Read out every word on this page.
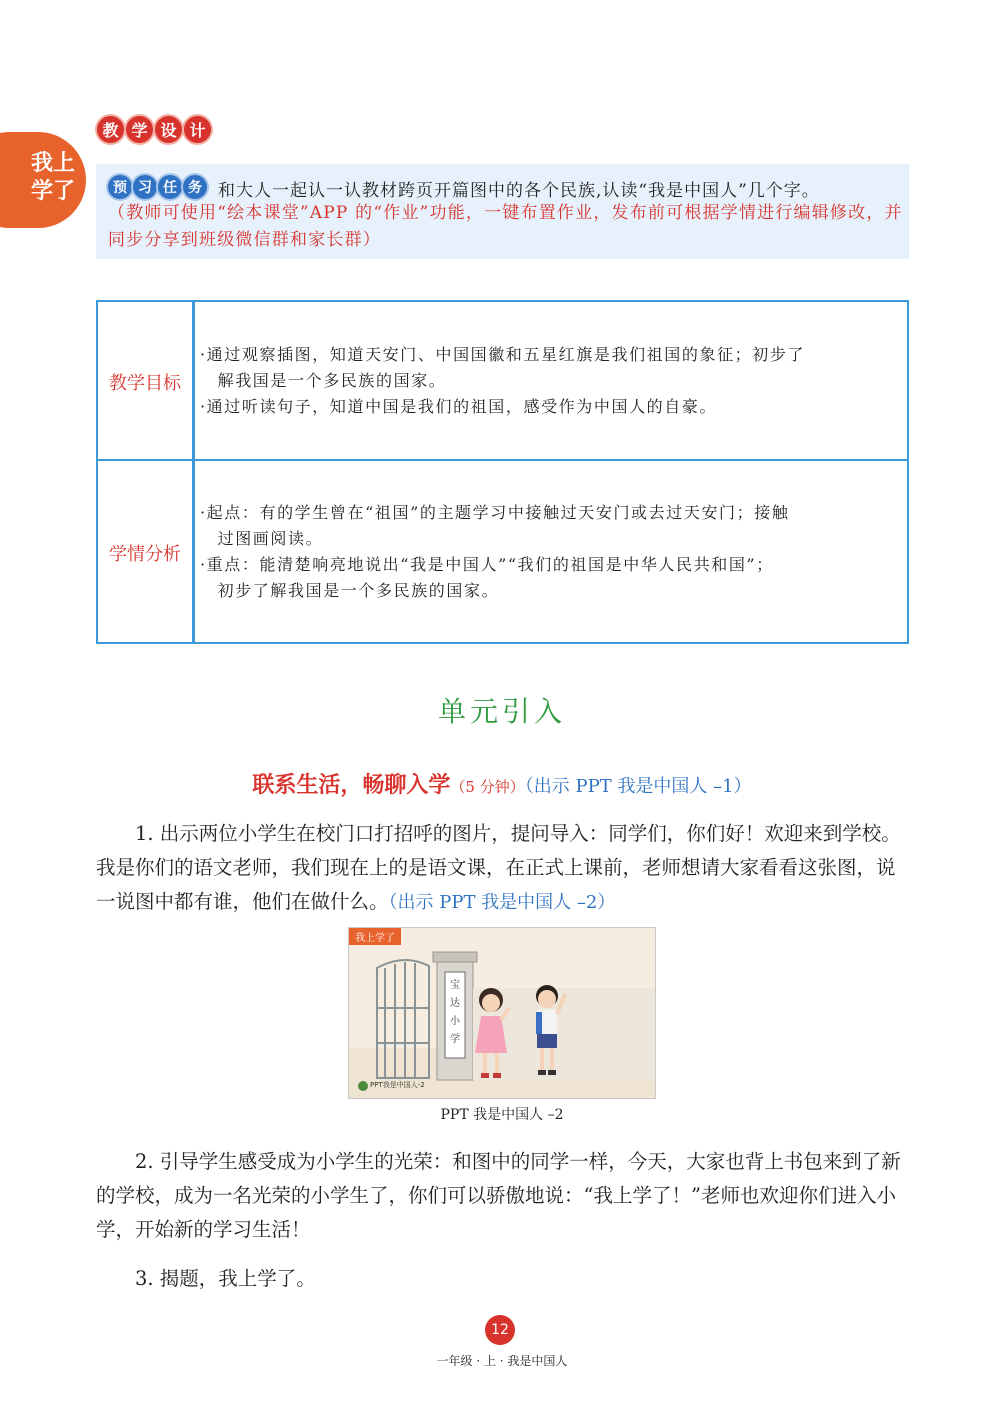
我上
学了
教 学 设 计
预 习 任 务 和大人一起认一认教材跨页开篇图中的各个民族,认读“我是中国人”几个字。
（教师可使用“绘本课堂”APP 的“作业”功能，一键布置作业，发布前可根据学情进行编辑修改，并同步分享到班级微信群和家长群）
教学目标
·通过观察插图，知道天安门、中国国徽和五星红旗是我们祖国的象征；初步了
　解我国是一个多民族的国家。
·通过听读句子，知道中国是我们的祖国，感受作为中国人的自豪。
学情分析
·起点：有的学生曾在“祖国”的主题学习中接触过天安门或去过天安门；接触
　过图画阅读。
·重点：能清楚响亮地说出“我是中国人”“我们的祖国是中华人民共和国”；
　初步了解我国是一个多民族的国家。
单元引入
联系生活，畅聊入学（5 分钟）（出示 PPT 我是中国人 –1）
1. 出示两位小学生在校门口打招呼的图片，提问导入：同学们，你们好！欢迎来到学校。我是你们的语文老师，我们现在上的是语文课，在正式上课前，老师想请大家看看这张图，说一说图中都有谁，他们在做什么。（出示 PPT 我是中国人 –2）
宝
达
小
学
我上学了
PPT我是中国人-2
PPT 我是中国人 –2
2. 引导学生感受成为小学生的光荣：和图中的同学一样，今天，大家也背上书包来到了新的学校，成为一名光荣的小学生了，你们可以骄傲地说：“我上学了！”老师也欢迎你们进入小学，开始新的学习生活！
3. 揭题，我上学了。
12
一年级 · 上 · 我是中国人
